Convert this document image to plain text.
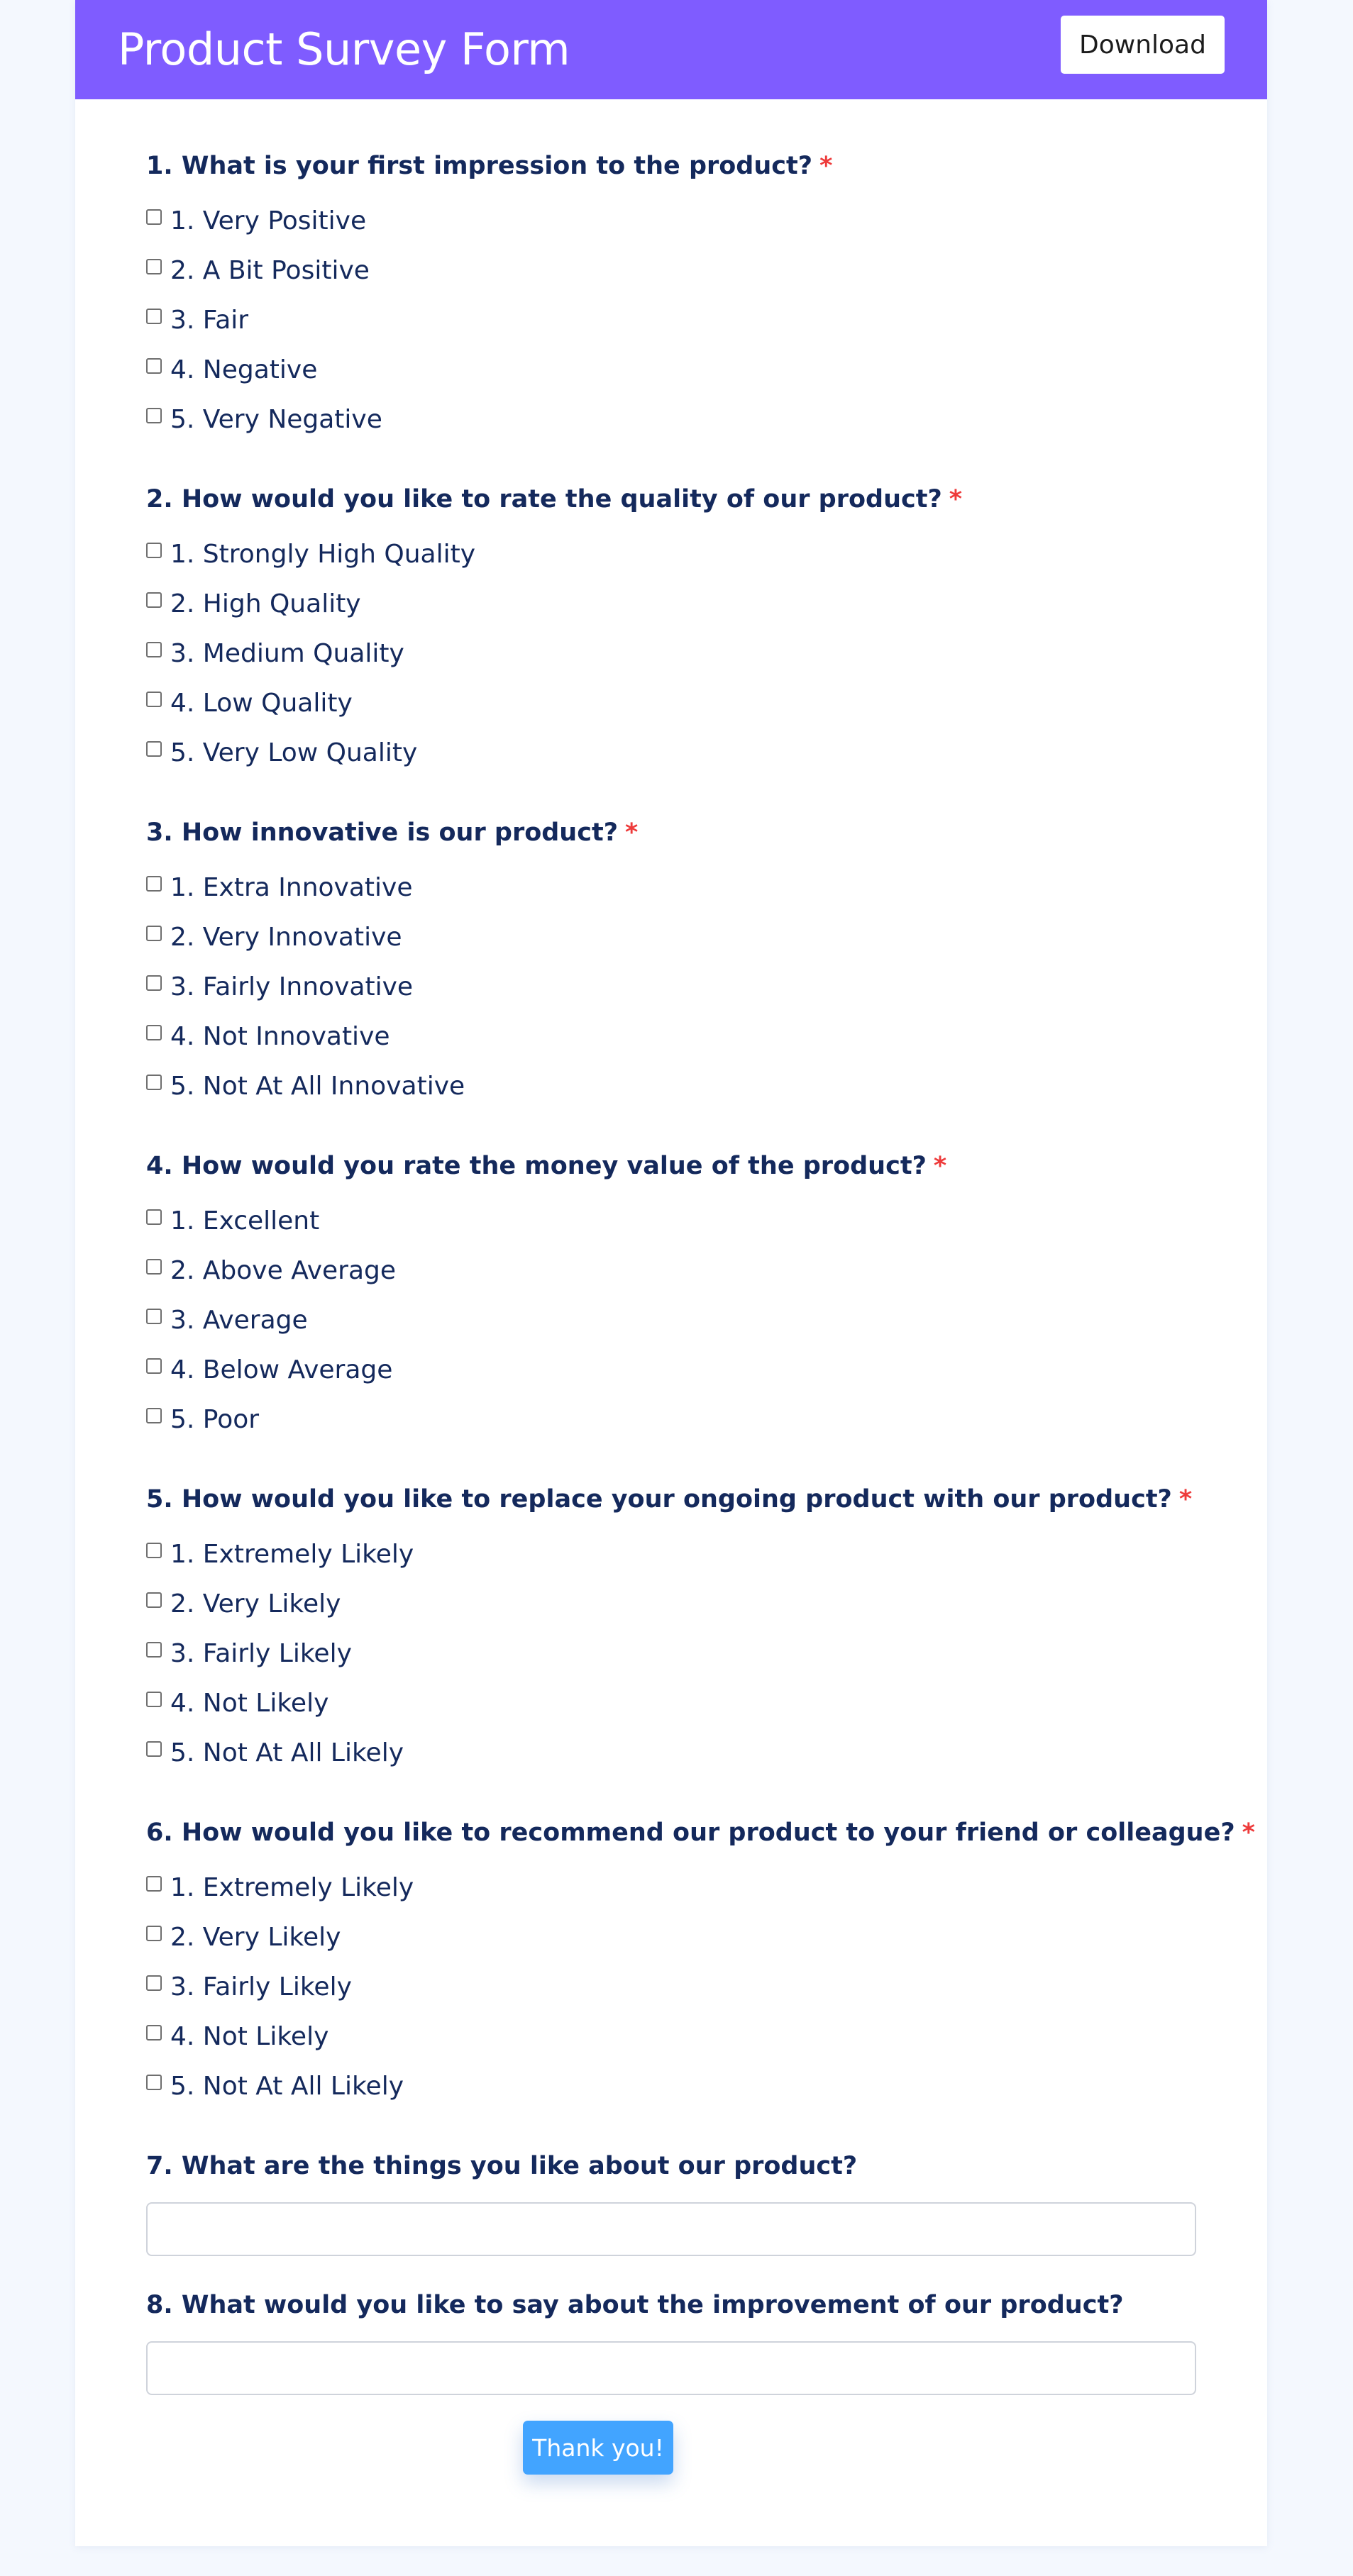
Product Survey Form	Download
1. What is your first impression to the product? *
1. Very Positive
2. A Bit Positive
3. Fair
4. Negative
5. Very Negative
2. How would you like to rate the quality of our product? *
1. Strongly High Quality
2. High Quality
3. Medium Quality
4. Low Quality
5. Very Low Quality
3. How innovative is our product? *
1. Extra Innovative
2. Very Innovative
3. Fairly Innovative
4. Not Innovative
5. Not At All Innovative
4. How would you rate the money value of the product? *
1. Excellent
2. Above Average
3. Average
4. Below Average
5. Poor
5. How would you like to replace your ongoing product with our product? *
1. Extremely Likely
2. Very Likely
3. Fairly Likely
4. Not Likely
5. Not At All Likely
6. How would you like to recommend our product to your friend or colleague? *
1. Extremely Likely
2. Very Likely
3. Fairly Likely
4. Not Likely
5. Not At All Likely
7. What are the things you like about our product?
8. What would you like to say about the improvement of our product?
Thank you!
